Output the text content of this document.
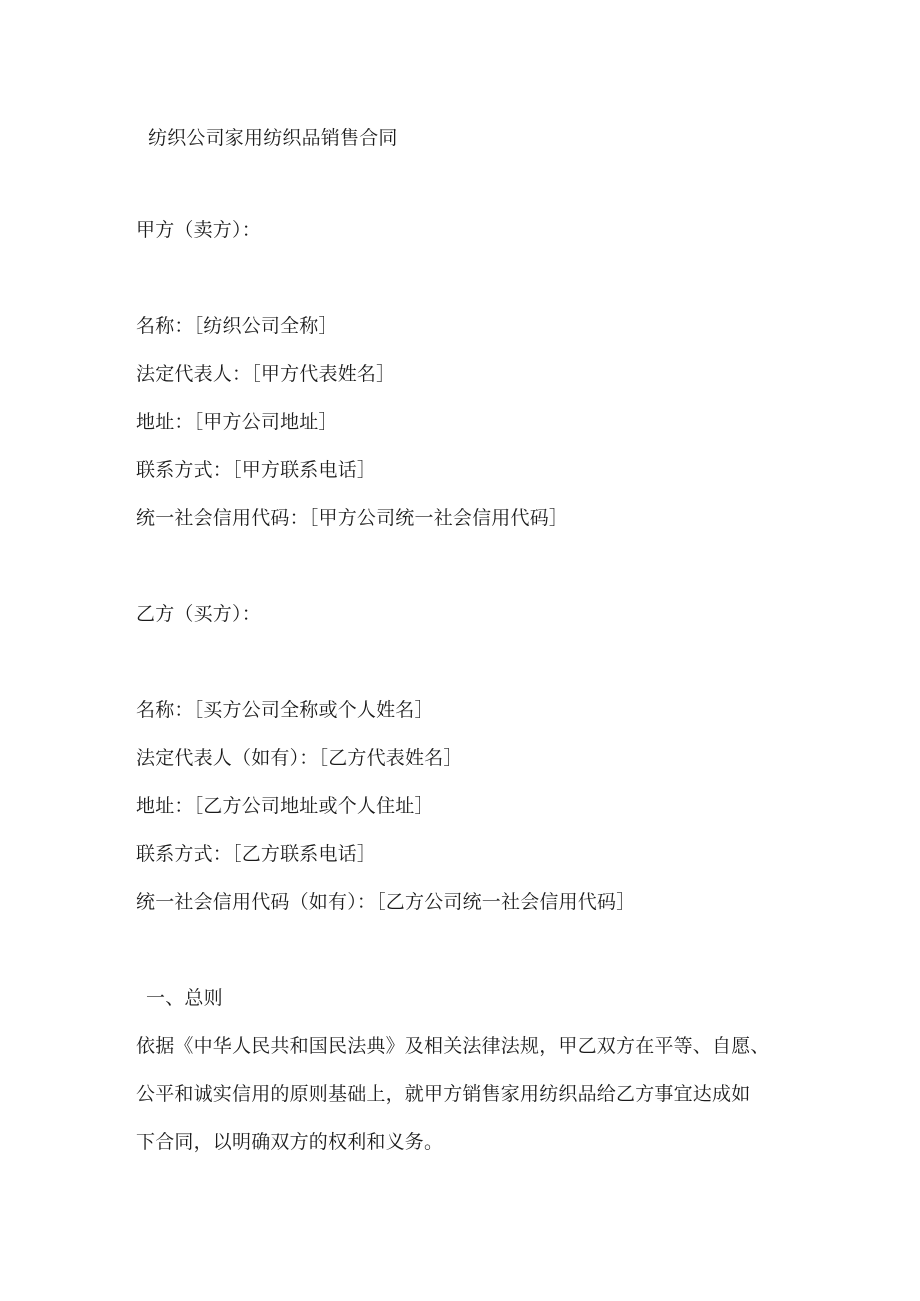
纺织公司家用纺织品销售合同
甲方（卖方）：
名称：［纺织公司全称］
法定代表人：［甲方代表姓名］
地址：［甲方公司地址］
联系方式：［甲方联系电话］
统一社会信用代码：［甲方公司统一社会信用代码］
乙方（买方）：
名称：［买方公司全称或个人姓名］
法定代表人（如有）：［乙方代表姓名］
地址：［乙方公司地址或个人住址］
联系方式：［乙方联系电话］
统一社会信用代码（如有）：［乙方公司统一社会信用代码］
一、总则
依据《中华人民共和国民法典》及相关法律法规，甲乙双方在平等、自愿、
公平和诚实信用的原则基础上，就甲方销售家用纺织品给乙方事宜达成如
下合同，以明确双方的权利和义务。
